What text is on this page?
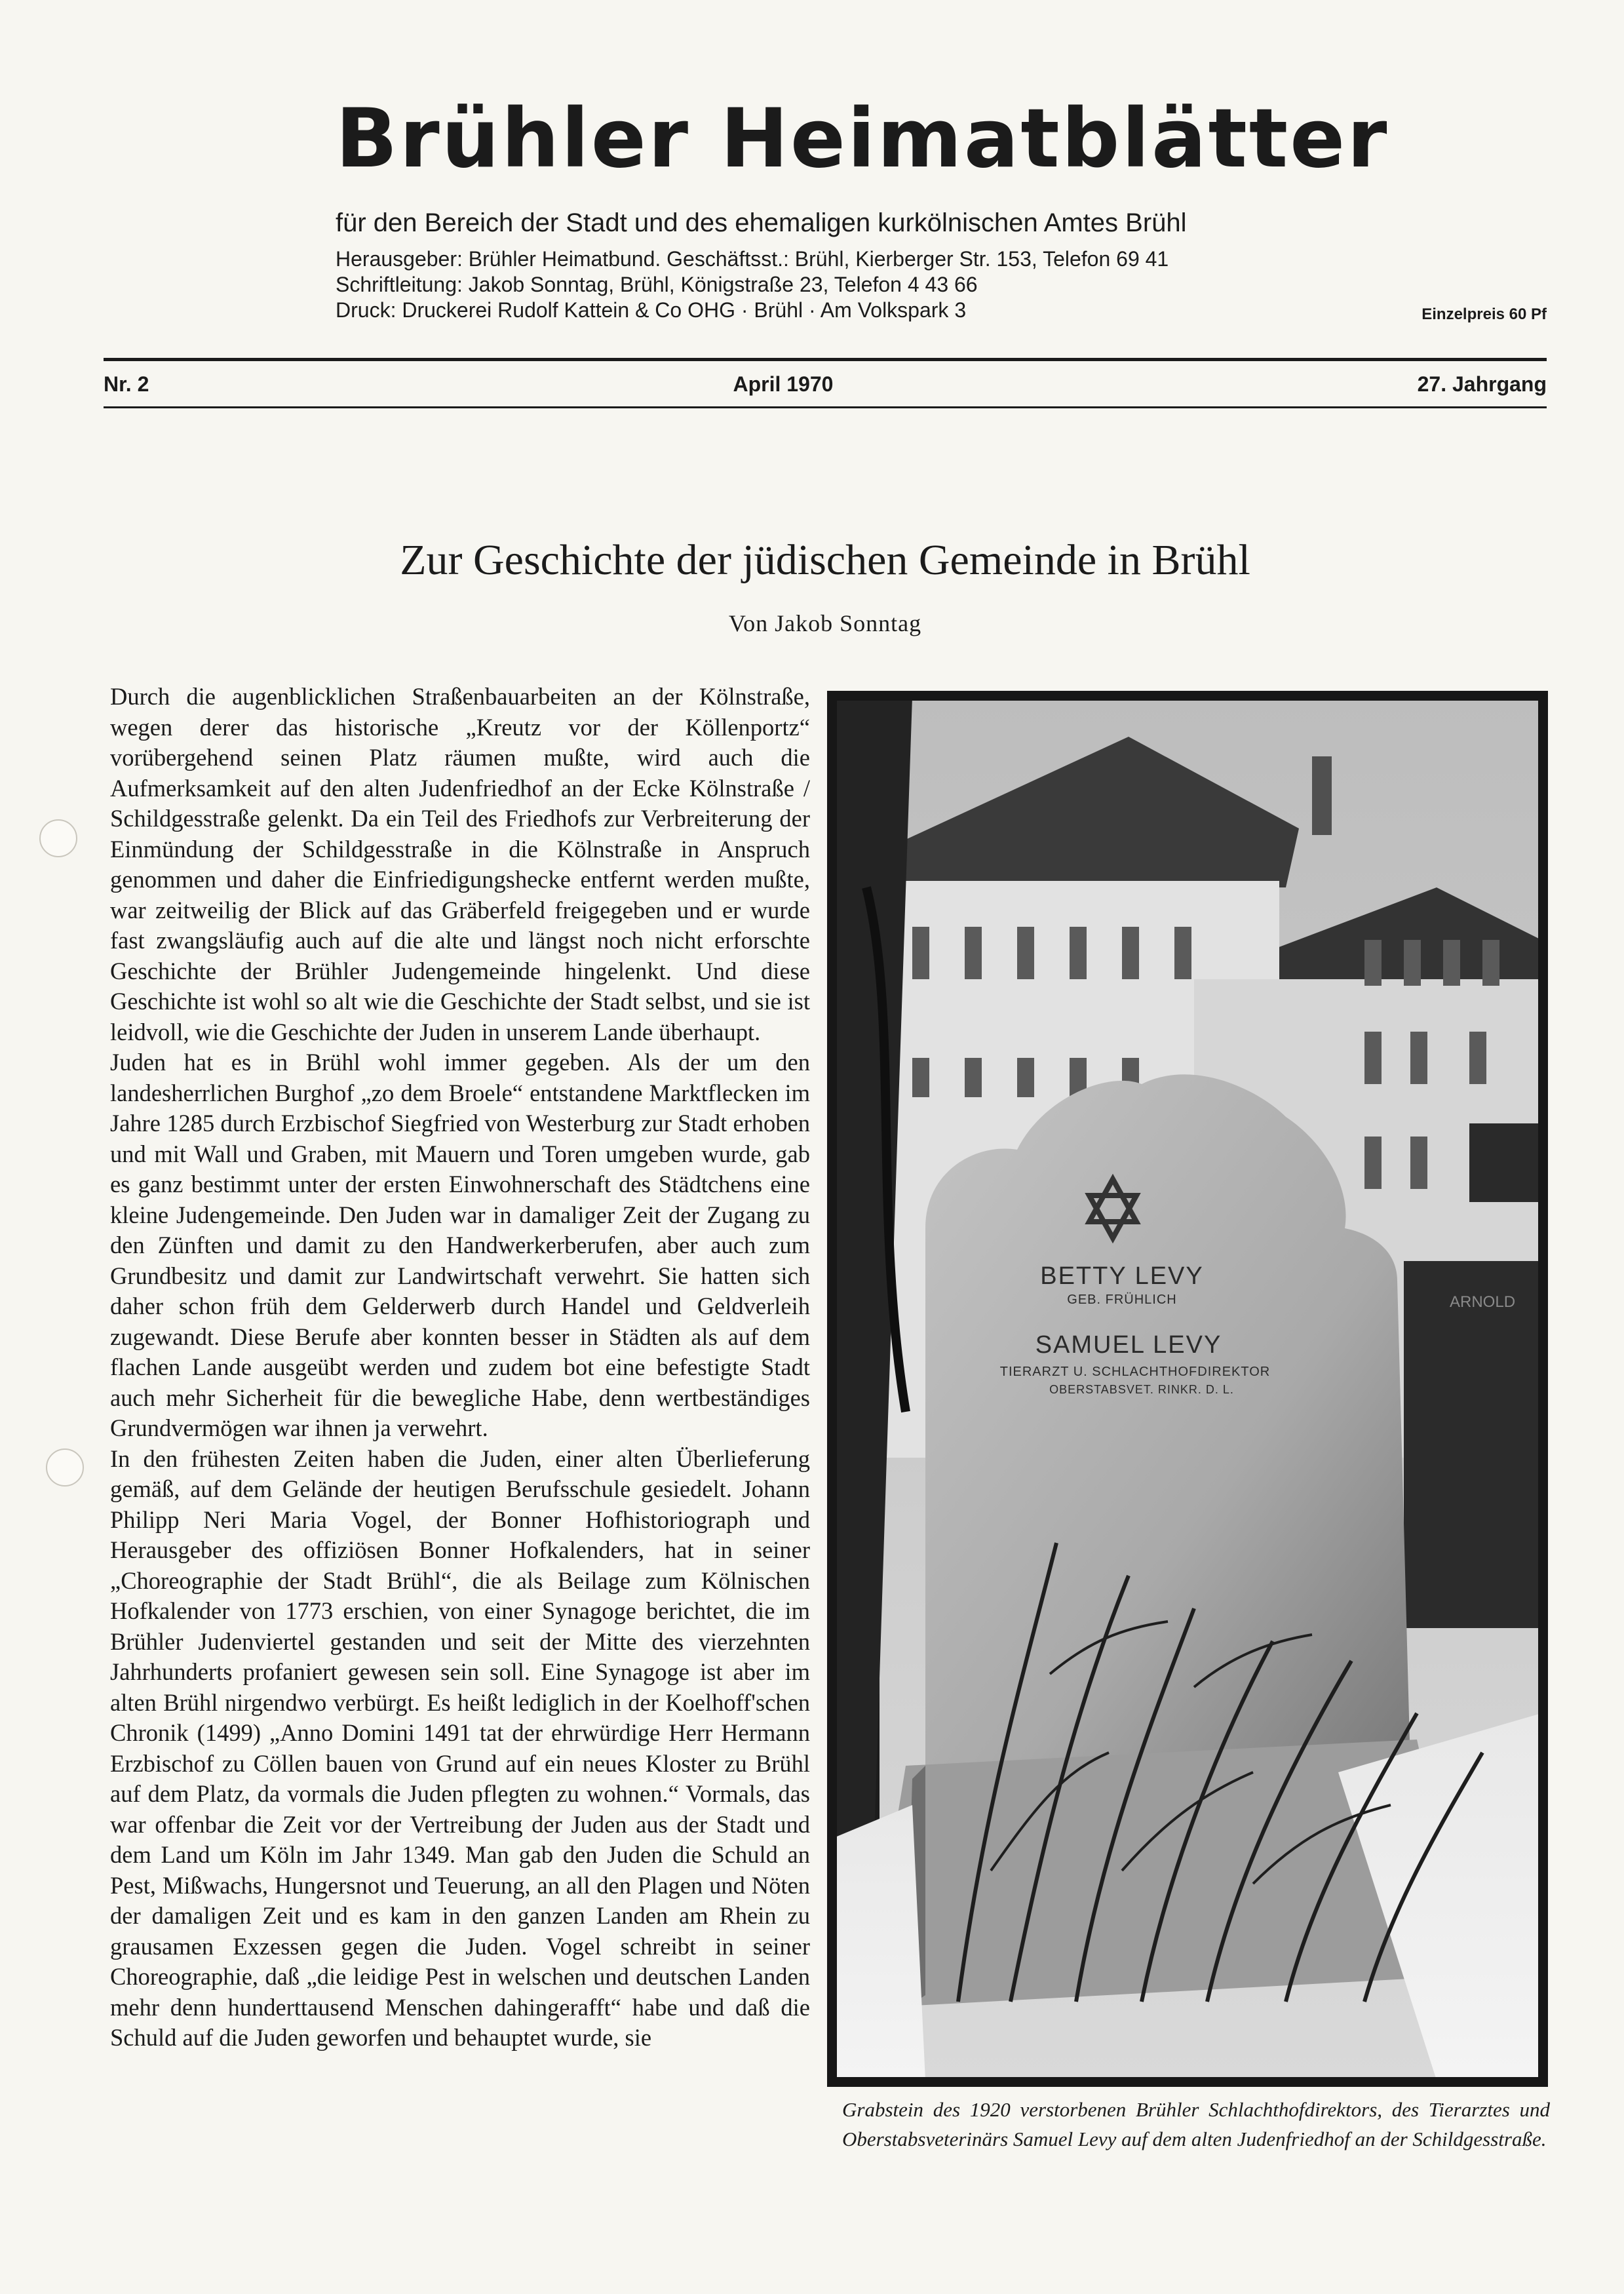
Brühler Heimatblätter
für den Bereich der Stadt und des ehemaligen kurkölnischen Amtes Brühl
Herausgeber: Brühler Heimatbund. Geschäftsst.: Brühl, Kierberger Str. 153, Telefon 69 41
Schriftleitung: Jakob Sonntag, Brühl, Königstraße 23, Telefon 4 43 66
Druck: Druckerei Rudolf Kattein & Co OHG · Brühl · Am Volkspark 3	Einzelpreis 60 Pf
Nr. 2	April 1970	27. Jahrgang
Zur Geschichte der jüdischen Gemeinde in Brühl
Von Jakob Sonntag

Durch die augenblicklichen Straßenbauarbeiten an der Kölnstraße, wegen derer das historische „Kreutz vor der Köllenportz“ vorübergehend seinen Platz räumen mußte, wird auch die Aufmerksamkeit auf den alten Judenfriedhof an der Ecke Kölnstraße / Schildgesstraße gelenkt. Da ein Teil des Friedhofs zur Verbreiterung der Einmündung der Schildgesstraße in die Kölnstraße in Anspruch genommen und daher die Einfriedigungshecke entfernt werden mußte, war zeitweilig der Blick auf das Gräberfeld freigegeben und er wurde fast zwangsläufig auch auf die alte und längst noch nicht erforschte Geschichte der Brühler Judengemeinde hingelenkt. Und diese Geschichte ist wohl so alt wie die Geschichte der Stadt selbst, und sie ist leidvoll, wie die Geschichte der Juden in unserem Lande überhaupt.

Juden hat es in Brühl wohl immer gegeben. Als der um den landesherrlichen Burghof „zo dem Broele“ entstandene Marktflecken im Jahre 1285 durch Erzbischof Siegfried von Westerburg zur Stadt erhoben und mit Wall und Graben, mit Mauern und Toren umgeben wurde, gab es ganz bestimmt unter der ersten Einwohnerschaft des Städtchens eine kleine Judengemeinde. Den Juden war in damaliger Zeit der Zugang zu den Zünften und damit zu den Handwerkerberufen, aber auch zum Grundbesitz und damit zur Landwirtschaft verwehrt. Sie hatten sich daher schon früh dem Gelderwerb durch Handel und Geldverleih zugewandt. Diese Berufe aber konnten besser in Städten als auf dem flachen Lande ausgeübt werden und zudem bot eine befestigte Stadt auch mehr Sicherheit für die bewegliche Habe, denn wertbeständiges Grundvermögen war ihnen ja verwehrt.

In den frühesten Zeiten haben die Juden, einer alten Überlieferung gemäß, auf dem Gelände der heutigen Berufsschule gesiedelt. Johann Philipp Neri Maria Vogel, der Bonner Hofhistoriograph und Herausgeber des offiziösen Bonner Hofkalenders, hat in seiner „Choreographie der Stadt Brühl“, die als Beilage zum Kölnischen Hofkalender von 1773 erschien, von einer Synagoge berichtet, die im Brühler Judenviertel gestanden und seit der Mitte des vierzehnten Jahrhunderts profaniert gewesen sein soll. Eine Synagoge ist aber im alten Brühl nirgendwo verbürgt. Es heißt lediglich in der Koelhoff'schen Chronik (1499) „Anno Domini 1491 tat der ehrwürdige Herr Hermann Erzbischof zu Cöllen bauen von Grund auf ein neues Kloster zu Brühl auf dem Platz, da vormals die Juden pflegten zu wohnen.“ Vormals, das war offenbar die Zeit vor der Vertreibung der Juden aus der Stadt und dem Land um Köln im Jahr 1349. Man gab den Juden die Schuld an Pest, Mißwachs, Hungersnot und Teuerung, an all den Plagen und Nöten der damaligen Zeit und es kam in den ganzen Landen am Rhein zu grausamen Exzessen gegen die Juden. Vogel schreibt in seiner Choreographie, daß „die leidige Pest in welschen und deutschen Landen mehr denn hunderttausend Menschen dahingerafft“ habe und daß die Schuld auf die Juden geworfen und behauptet wurde, sie

ARNOLD
BETTY LEVY
GEB. FRÜHLICH
SAMUEL LEVY
TIERARZT U. SCHLACHTHOFDIREKTOR
OBERSTABSVET. RINKR. D. L.
Grabstein des 1920 verstorbenen Brühler Schlachthofdirektors, des Tierarztes und Oberstabsveterinärs Samuel Levy auf dem alten Judenfriedhof an der Schildgesstraße.
